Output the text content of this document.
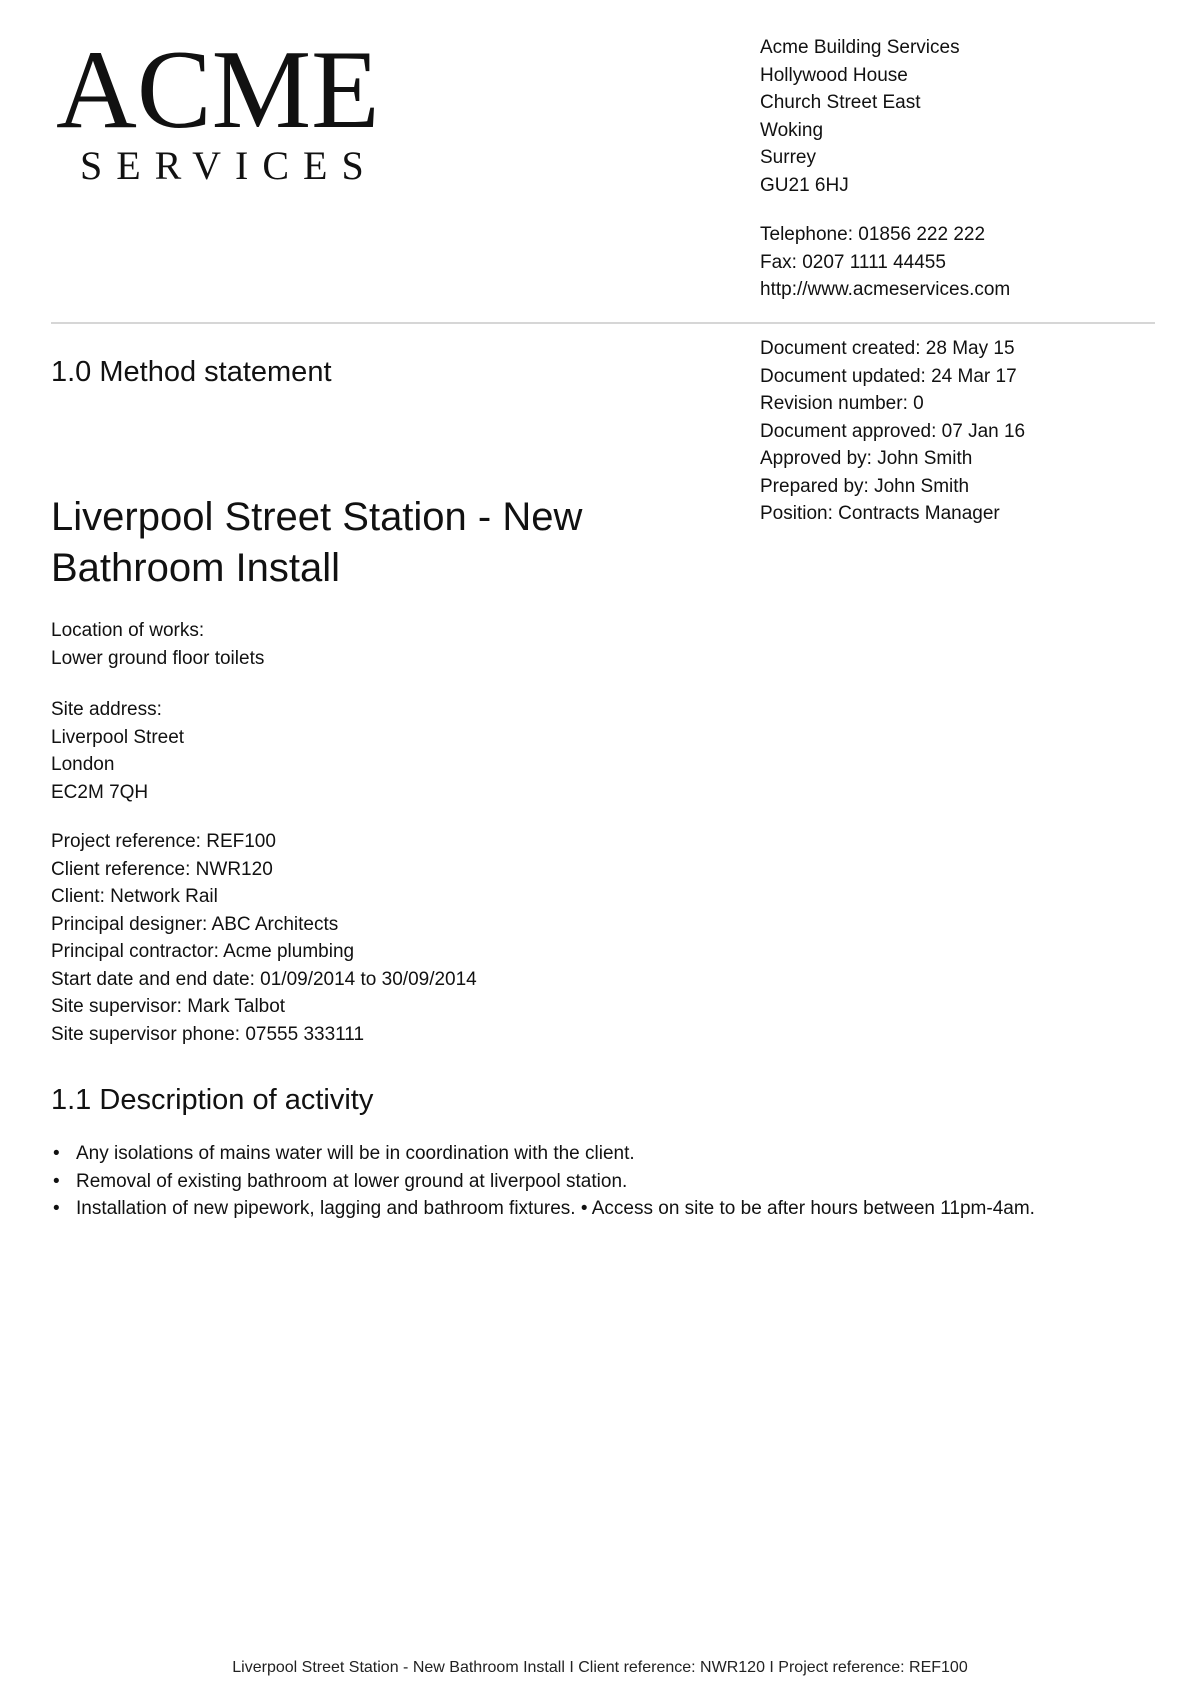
ACME
SERVICES
Acme Building Services
Hollywood House
Church Street East
Woking
Surrey
GU21 6HJ
Telephone: 01856 222 222
Fax: 0207 1111 44455
http://www.acmeservices.com
1.0 Method statement
Document created: 28 May 15
Document updated: 24 Mar 17
Revision number: 0
Document approved: 07 Jan 16
Approved by: John Smith
Prepared by: John Smith
Position: Contracts Manager
Liverpool Street Station - New Bathroom Install
Location of works:
Lower ground floor toilets
Site address:
Liverpool Street
London
EC2M 7QH
Project reference: REF100
Client reference: NWR120
Client: Network Rail
Principal designer: ABC Architects
Principal contractor: Acme plumbing
Start date and end date: 01/09/2014 to 30/09/2014
Site supervisor: Mark Talbot
Site supervisor phone: 07555 333111
1.1 Description of activity
• Any isolations of mains water will be in coordination with the client.
• Removal of existing bathroom at lower ground at liverpool station.
• Installation of new pipework, lagging and bathroom fixtures. • Access on site to be after hours between 11pm-4am.
Liverpool Street Station - New Bathroom Install I Client reference: NWR120 I Project reference: REF100
